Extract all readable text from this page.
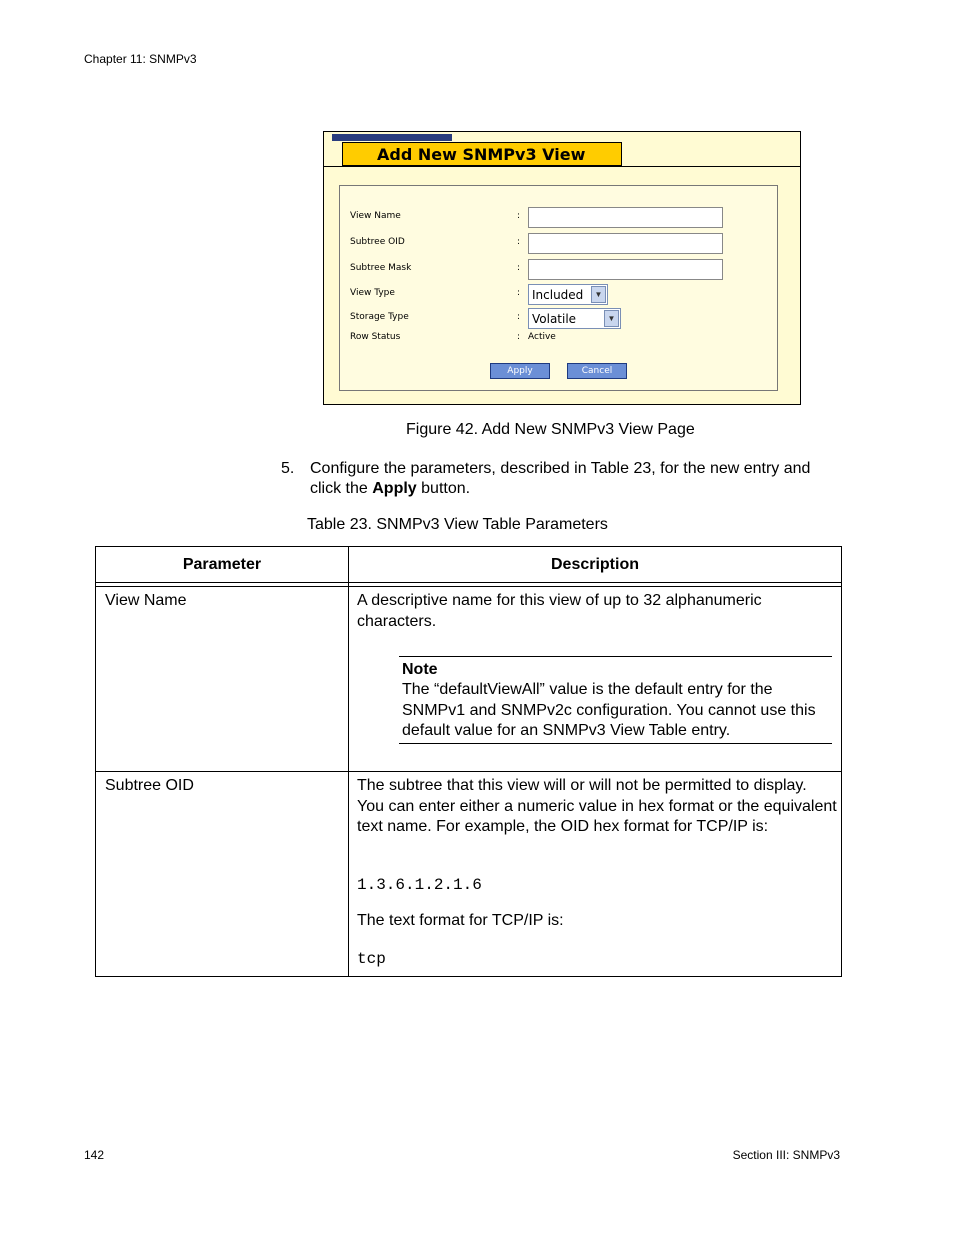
Chapter 11: SNMPv3
Add New SNMPv3 View
View Name	:
Subtree OID	:
Subtree Mask	:
View Type	: Included	▼
Storage Type	: Volatile	▼
Row Status	: Active
Apply	Cancel
Figure 42. Add New SNMPv3 View Page
5. Configure the parameters, described in Table 23, for the new entry and click the Apply button.
Table 23. SNMPv3 View Table Parameters
Parameter	Description
View Name	A descriptive name for this view of up to 32 alphanumeric characters.
Note
The “defaultViewAll” value is the default entry for the SNMPv1 and SNMPv2c configuration. You cannot use this default value for an SNMPv3 View Table entry.
Subtree OID	The subtree that this view will or will not be permitted to display. You can enter either a numeric value in hex format or the equivalent text name. For example, the OID hex format for TCP/IP is:
1.3.6.1.2.1.6
The text format for TCP/IP is:
tcp
142	Section III: SNMPv3
